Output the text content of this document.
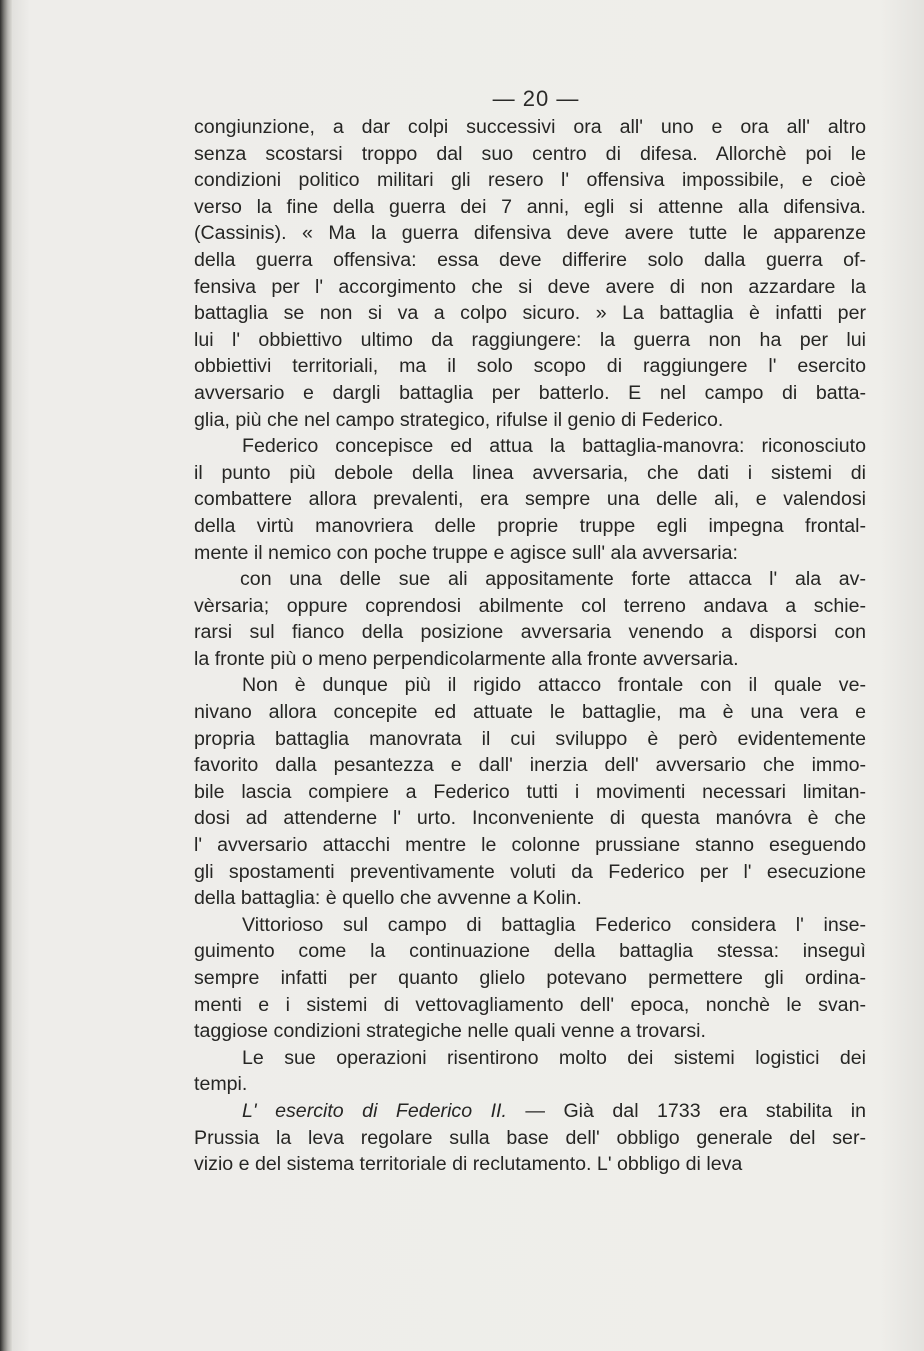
— 20 —
congiunzione, a dar colpi successivi ora all' uno e ora all' altro
senza scostarsi troppo dal suo centro di difesa. Allorchè poi le
condizioni politico militari gli resero l' offensiva impossibile, e cioè
verso la fine della guerra dei 7 anni, egli si attenne alla difensiva.
(Cassinis). « Ma la guerra difensiva deve avere tutte le apparenze
della guerra offensiva: essa deve differire solo dalla guerra of-
fensiva per l' accorgimento che si deve avere di non azzardare la
battaglia se non si va a colpo sicuro. » La battaglia è infatti per
lui l' obbiettivo ultimo da raggiungere: la guerra non ha per lui
obbiettivi territoriali, ma il solo scopo di raggiungere l' esercito
avversario e dargli battaglia per batterlo. E nel campo di batta-
glia, più che nel campo strategico, rifulse il genio di Federico.
Federico concepisce ed attua la battaglia-manovra: riconosciuto
il punto più debole della linea avversaria, che dati i sistemi di
combattere allora prevalenti, era sempre una delle ali, e valendosi
della virtù manovriera delle proprie truppe egli impegna frontal-
mente il nemico con poche truppe e agisce sull' ala avversaria:
con una delle sue ali appositamente forte attacca l' ala av-
vèrsaria; oppure coprendosi abilmente col terreno andava a schie-
rarsi sul fianco della posizione avversaria venendo a disporsi con
la fronte più o meno perpendicolarmente alla fronte avversaria.
Non è dunque più il rigido attacco frontale con il quale ve-
nivano allora concepite ed attuate le battaglie, ma è una vera e
propria battaglia manovrata il cui sviluppo è però evidentemente
favorito dalla pesantezza e dall' inerzia dell' avversario che immo-
bile lascia compiere a Federico tutti i movimenti necessari limitan-
dosi ad attenderne l' urto. Inconveniente di questa manóvra è che
l' avversario attacchi mentre le colonne prussiane stanno eseguendo
gli spostamenti preventivamente voluti da Federico per l' esecuzione
della battaglia: è quello che avvenne a Kolin.
Vittorioso sul campo di battaglia Federico considera l' inse-
guimento come la continuazione della battaglia stessa: inseguì
sempre infatti per quanto glielo potevano permettere gli ordina-
menti e i sistemi di vettovagliamento dell' epoca, nonchè le svan-
taggiose condizioni strategiche nelle quali venne a trovarsi.
Le sue operazioni risentirono molto dei sistemi logistici dei
tempi.
L' esercito di Federico II. — Già dal 1733 era stabilita in
Prussia la leva regolare sulla base dell' obbligo generale del ser-
vizio e del sistema territoriale di reclutamento. L' obbligo di leva
